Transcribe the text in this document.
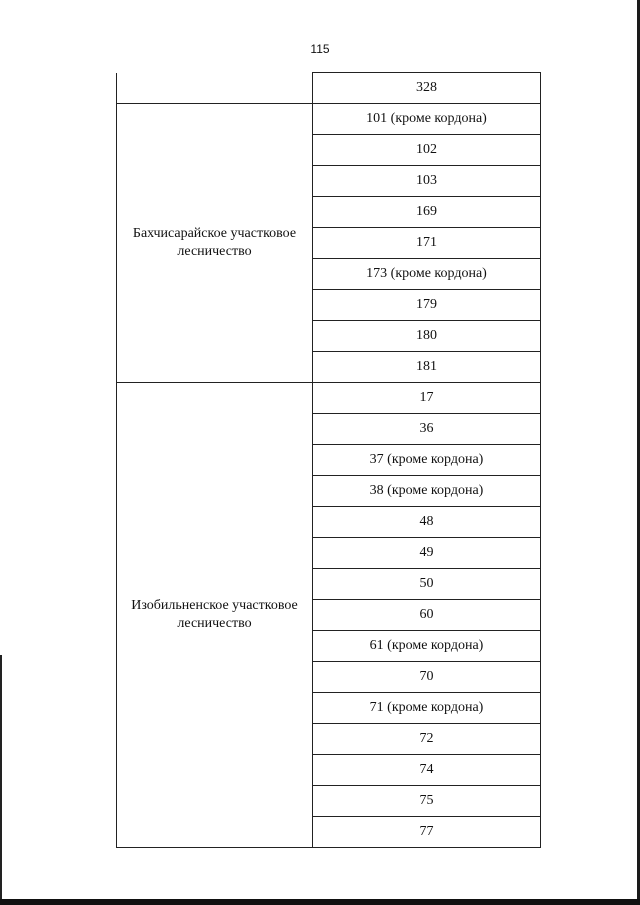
115
	328

Бахчисарайское участковое
лесничество	101 (кроме кордона)
	102
	103
	169
	171
	173 (кроме кордона)
	179
	180
	181

Изобильненское участковое
лесничество	17
	36
	37 (кроме кордона)
	38 (кроме кордона)
	48
	49
	50
	60
	61 (кроме кордона)
	70
	71 (кроме кордона)
	72
	74
	75
	77
